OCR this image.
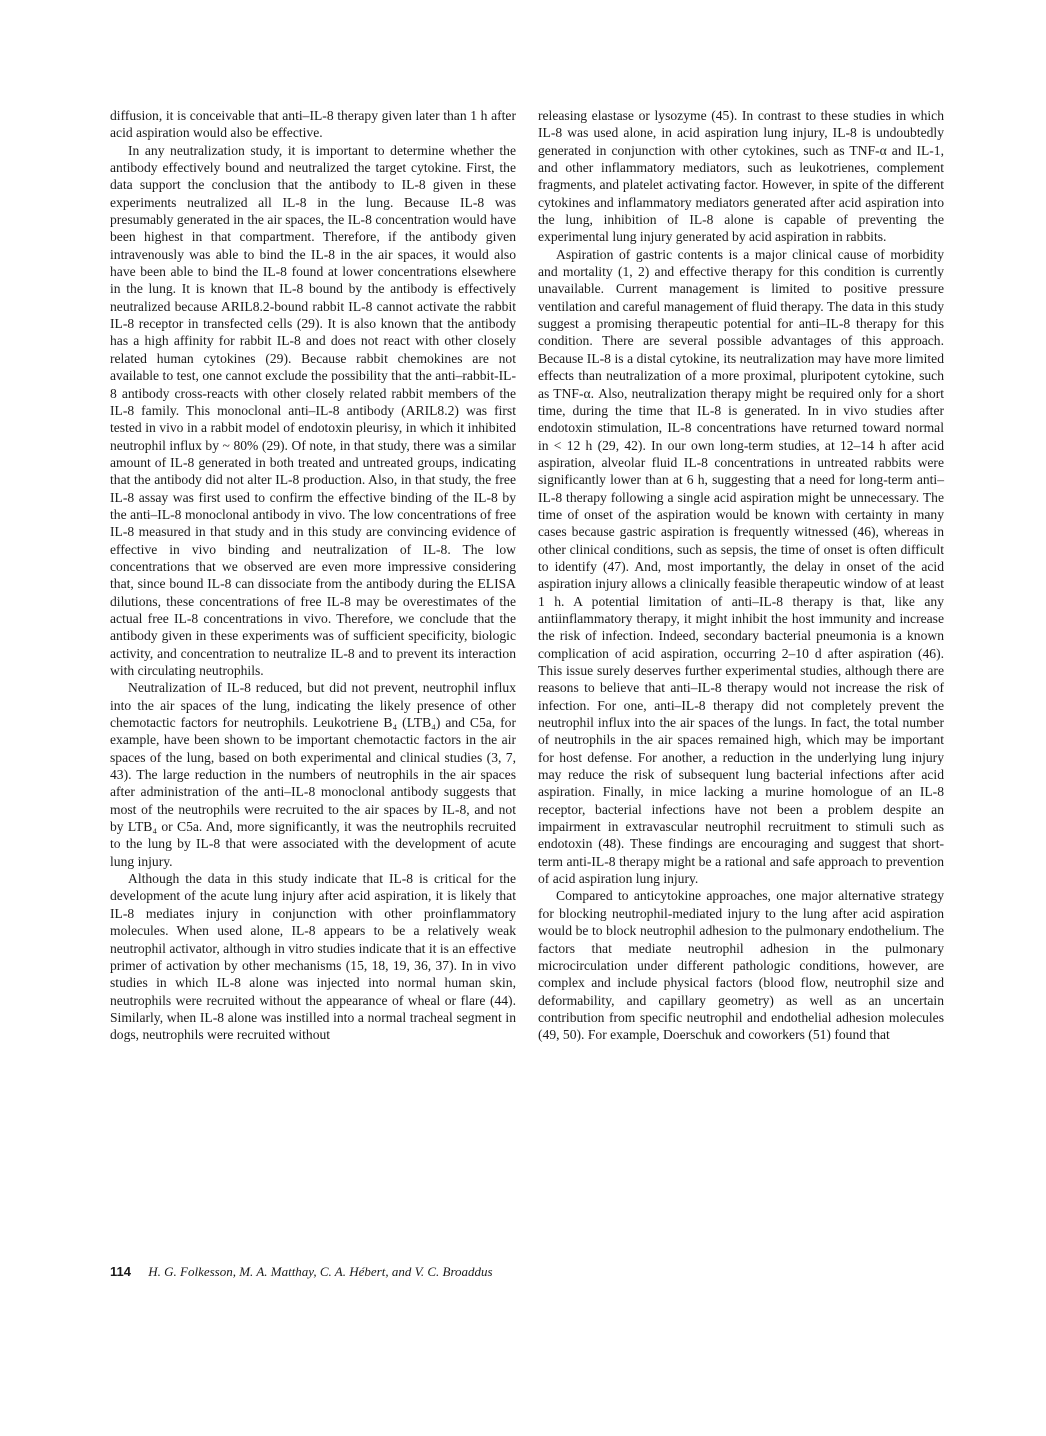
diffusion, it is conceivable that anti–IL-8 therapy given later than 1 h after acid aspiration would also be effective.

In any neutralization study, it is important to determine whether the antibody effectively bound and neutralized the target cytokine. First, the data support the conclusion that the antibody to IL-8 given in these experiments neutralized all IL-8 in the lung. Because IL-8 was presumably generated in the air spaces, the IL-8 concentration would have been highest in that compartment. Therefore, if the antibody given intravenously was able to bind the IL-8 in the air spaces, it would also have been able to bind the IL-8 found at lower concentrations elsewhere in the lung. It is known that IL-8 bound by the antibody is effectively neutralized because ARIL8.2-bound rabbit IL-8 cannot activate the rabbit IL-8 receptor in transfected cells (29). It is also known that the antibody has a high affinity for rabbit IL-8 and does not react with other closely related human cytokines (29). Because rabbit chemokines are not available to test, one cannot exclude the possibility that the anti–rabbit-IL-8 antibody cross-reacts with other closely related rabbit members of the IL-8 family. This monoclonal anti–IL-8 antibody (ARIL8.2) was first tested in vivo in a rabbit model of endotoxin pleurisy, in which it inhibited neutrophil influx by ~ 80% (29). Of note, in that study, there was a similar amount of IL-8 generated in both treated and untreated groups, indicating that the antibody did not alter IL-8 production. Also, in that study, the free IL-8 assay was first used to confirm the effective binding of the IL-8 by the anti–IL-8 monoclonal antibody in vivo. The low concentrations of free IL-8 measured in that study and in this study are convincing evidence of effective in vivo binding and neutralization of IL-8. The low concentrations that we observed are even more impressive considering that, since bound IL-8 can dissociate from the antibody during the ELISA dilutions, these concentrations of free IL-8 may be overestimates of the actual free IL-8 concentrations in vivo. Therefore, we conclude that the antibody given in these experiments was of sufficient specificity, biologic activity, and concentration to neutralize IL-8 and to prevent its interaction with circulating neutrophils.

Neutralization of IL-8 reduced, but did not prevent, neutrophil influx into the air spaces of the lung, indicating the likely presence of other chemotactic factors for neutrophils. Leukotriene B₄ (LTB₄) and C5a, for example, have been shown to be important chemotactic factors in the air spaces of the lung, based on both experimental and clinical studies (3, 7, 43). The large reduction in the numbers of neutrophils in the air spaces after administration of the anti–IL-8 monoclonal antibody suggests that most of the neutrophils were recruited to the air spaces by IL-8, and not by LTB₄ or C5a. And, more significantly, it was the neutrophils recruited to the lung by IL-8 that were associated with the development of acute lung injury.

Although the data in this study indicate that IL-8 is critical for the development of the acute lung injury after acid aspiration, it is likely that IL-8 mediates injury in conjunction with other proinflammatory molecules. When used alone, IL-8 appears to be a relatively weak neutrophil activator, although in vitro studies indicate that it is an effective primer of activation by other mechanisms (15, 18, 19, 36, 37). In in vivo studies in which IL-8 alone was injected into normal human skin, neutrophils were recruited without the appearance of wheal or flare (44). Similarly, when IL-8 alone was instilled into a normal tracheal segment in dogs, neutrophils were recruited without

releasing elastase or lysozyme (45). In contrast to these studies in which IL-8 was used alone, in acid aspiration lung injury, IL-8 is undoubtedly generated in conjunction with other cytokines, such as TNF-α and IL-1, and other inflammatory mediators, such as leukotrienes, complement fragments, and platelet activating factor. However, in spite of the different cytokines and inflammatory mediators generated after acid aspiration into the lung, inhibition of IL-8 alone is capable of preventing the experimental lung injury generated by acid aspiration in rabbits.

Aspiration of gastric contents is a major clinical cause of morbidity and mortality (1, 2) and effective therapy for this condition is currently unavailable. Current management is limited to positive pressure ventilation and careful management of fluid therapy. The data in this study suggest a promising therapeutic potential for anti–IL-8 therapy for this condition. There are several possible advantages of this approach. Because IL-8 is a distal cytokine, its neutralization may have more limited effects than neutralization of a more proximal, pluripotent cytokine, such as TNF-α. Also, neutralization therapy might be required only for a short time, during the time that IL-8 is generated. In in vivo studies after endotoxin stimulation, IL-8 concentrations have returned toward normal in < 12 h (29, 42). In our own long-term studies, at 12–14 h after acid aspiration, alveolar fluid IL-8 concentrations in untreated rabbits were significantly lower than at 6 h, suggesting that a need for long-term anti–IL-8 therapy following a single acid aspiration might be unnecessary. The time of onset of the aspiration would be known with certainty in many cases because gastric aspiration is frequently witnessed (46), whereas in other clinical conditions, such as sepsis, the time of onset is often difficult to identify (47). And, most importantly, the delay in onset of the acid aspiration injury allows a clinically feasible therapeutic window of at least 1 h. A potential limitation of anti–IL-8 therapy is that, like any antiinflammatory therapy, it might inhibit the host immunity and increase the risk of infection. Indeed, secondary bacterial pneumonia is a known complication of acid aspiration, occurring 2–10 d after aspiration (46). This issue surely deserves further experimental studies, although there are reasons to believe that anti–IL-8 therapy would not increase the risk of infection. For one, anti–IL-8 therapy did not completely prevent the neutrophil influx into the air spaces of the lungs. In fact, the total number of neutrophils in the air spaces remained high, which may be important for host defense. For another, a reduction in the underlying lung injury may reduce the risk of subsequent lung bacterial infections after acid aspiration. Finally, in mice lacking a murine homologue of an IL-8 receptor, bacterial infections have not been a problem despite an impairment in extravascular neutrophil recruitment to stimuli such as endotoxin (48). These findings are encouraging and suggest that short-term anti-IL-8 therapy might be a rational and safe approach to prevention of acid aspiration lung injury.

Compared to anticytokine approaches, one major alternative strategy for blocking neutrophil-mediated injury to the lung after acid aspiration would be to block neutrophil adhesion to the pulmonary endothelium. The factors that mediate neutrophil adhesion in the pulmonary microcirculation under different pathologic conditions, however, are complex and include physical factors (blood flow, neutrophil size and deformability, and capillary geometry) as well as an uncertain contribution from specific neutrophil and endothelial adhesion molecules (49, 50). For example, Doerschuk and coworkers (51) found that

114 H. G. Folkesson, M. A. Matthay, C. A. Hébert, and V. C. Broaddus
